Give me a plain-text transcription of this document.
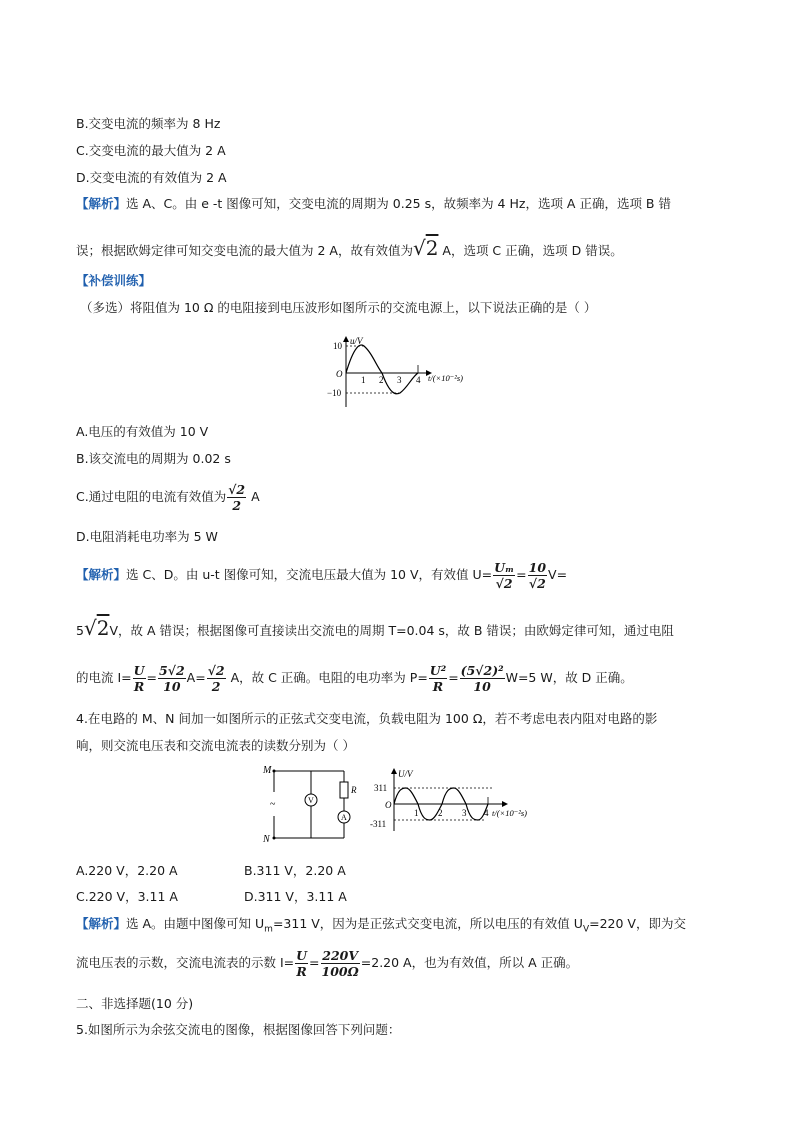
B.交变电流的频率为 8 Hz
C.交变电流的最大值为 2 A
D.交变电流的有效值为 2 A
【解析】选 A、C。由 e -t 图像可知，交变电流的周期为 0.25 s，故频率为 4 Hz，选项 A 正确，选项 B 错
误；根据欧姆定律可知交变电流的最大值为 2 A，故有效值为√2 A，选项 C 正确，选项 D 错误。
【补偿训练】
（多选）将阻值为 10 Ω 的电阻接到电压波形如图所示的交流电源上，以下说法正确的是（ ）
u/V
10
−10
O
1 2 3 4 t/(×10⁻²s)
A.电压的有效值为 10 V
B.该交流电的周期为 0.02 s
C.通过电阻的电流有效值为 $\frac{√2}{2}$ A
D.电阻消耗电功率为 5 W
【解析】选 C、D。由 u-t 图像可知，交流电压最大值为 10 V，有效值 $U= \frac{\text{Uₘ}}{√2} = \frac{10}{√2} V=$
5√2V，故 A 错误；根据图像可直接读出交流电的周期 T=0.04 s，故 B 错误；由欧姆定律可知，通过电阻
的电流 $I= \frac{U}{R} = \frac{5√2}{10} A= \frac{√2}{2}$ A，故 C 正确。电阻的电功率为 $P= \frac{\text{U²}}{R} = \frac{\text{(5√2)²}}{10} W=5$ W，故 D 正确。
4.在电路的 M、N 间加一如图所示的正弦式交变电流，负载电阻为 100 Ω，若不考虑电表内阻对电路的影
响，则交流电压表和交流电流表的读数分别为（ ）
M
N
~	V
A
R
U/V
311
-311
O
1 2 3 4 t/(×10⁻²s)
A.220 V，2.20 A	B.311 V，2.20 A
C.220 V，3.11 A	D.311 V，3.11 A
【解析】选 A。由题中图像可知 $U_m=311$ V，因为是正弦式交变电流，所以电压的有效值 $U_V=220$ V，即为交
流电压表的示数，交流电流表的示数 $I= \frac{U}{R} = \frac{220V}{100\Omega} =2.20$ A，也为有效值，所以 A 正确。
二、非选择题(10 分)
5.如图所示为余弦交流电的图像，根据图像回答下列问题：
